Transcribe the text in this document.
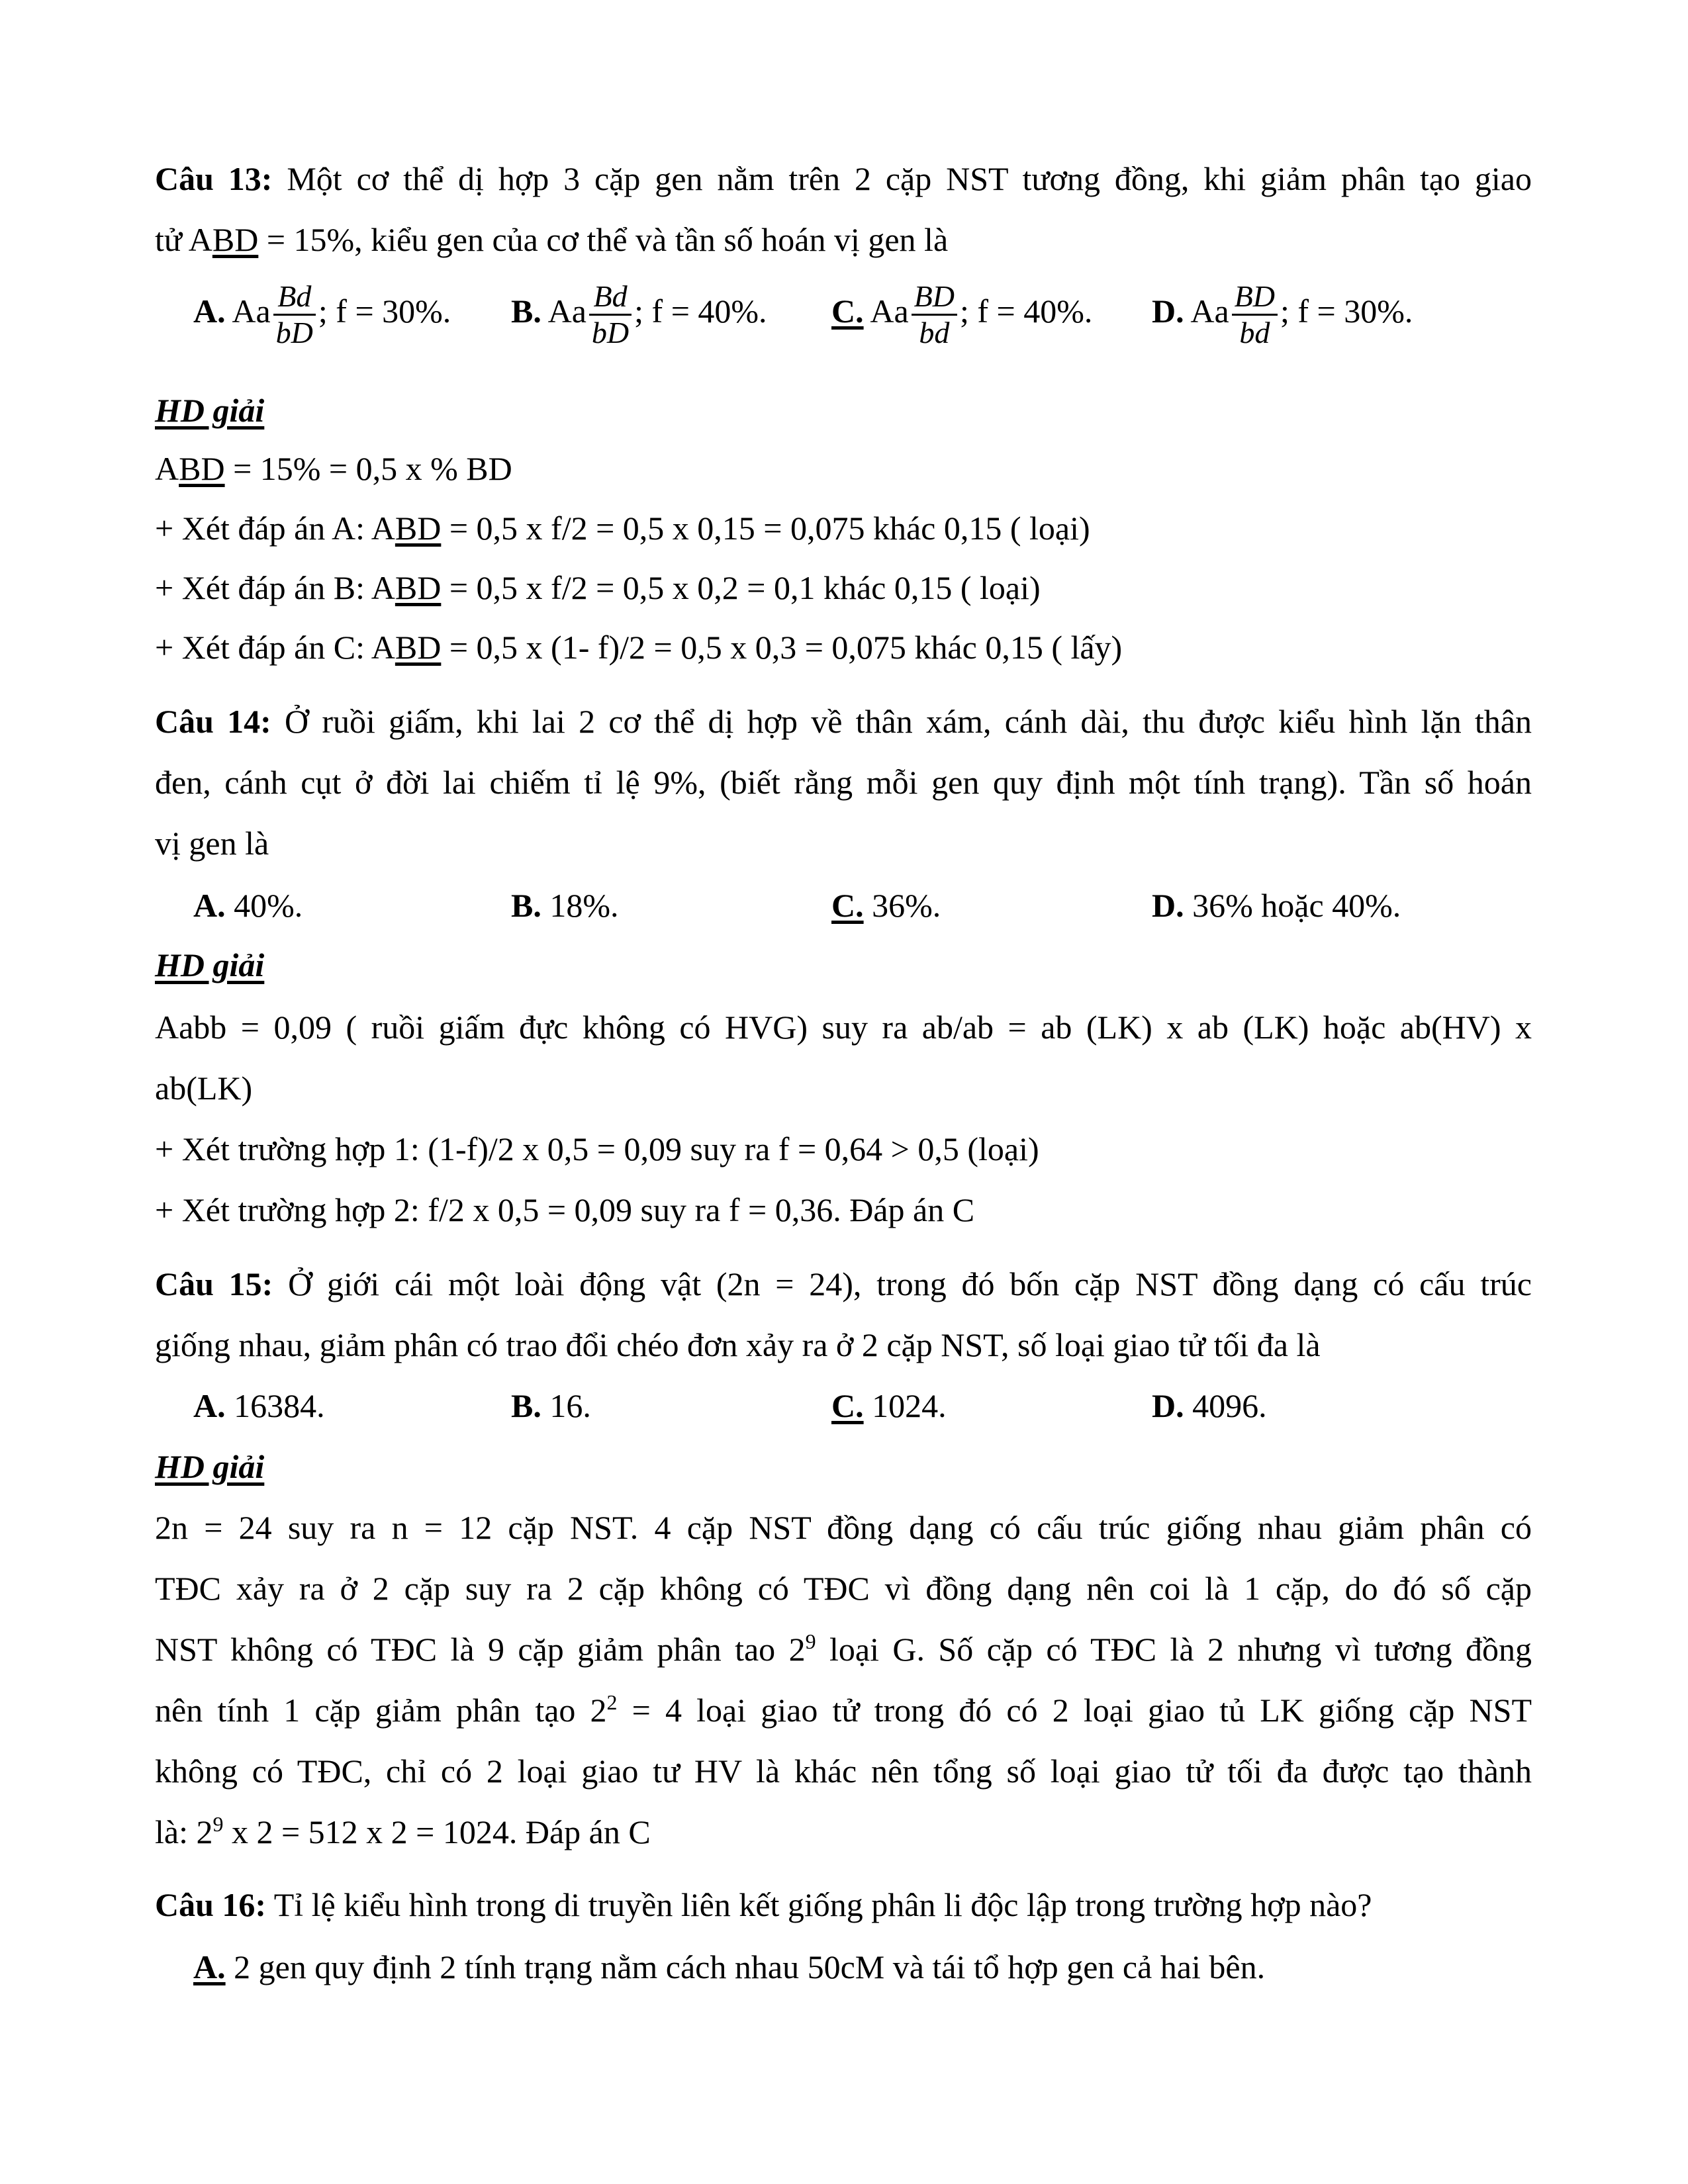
Câu 13: Một cơ thể dị hợp 3 cặp gen nằm trên 2 cặp NST tương đồng, khi giảm phân tạo giao
tử ABD = 15%, kiểu gen của cơ thể và tần số hoán vị gen là
A. Aa $\frac{Bd}{bD}$ ; f = 30%. B. Aa $\frac{Bd}{bD}$ ; f = 40%. C. Aa $\frac{BD}{bd}$ ; f = 40%. D. Aa $\frac{BD}{bd}$ ; f = 30%.
HD giải
ABD = 15% = 0,5 x % BD
+ Xét đáp án A: ABD = 0,5 x f/2 = 0,5 x 0,15 = 0,075 khác 0,15 ( loại)
+ Xét đáp án B: ABD = 0,5 x f/2 = 0,5 x 0,2 = 0,1 khác 0,15 ( loại)
+ Xét đáp án C: ABD = 0,5 x (1- f)/2 = 0,5 x 0,3 = 0,075 khác 0,15 ( lấy)
Câu 14: Ở ruồi giấm, khi lai 2 cơ thể dị hợp về thân xám, cánh dài, thu được kiểu hình lặn thân
đen, cánh cụt ở đời lai chiếm tỉ lệ 9%, (biết rằng mỗi gen quy định một tính trạng). Tần số hoán
vị gen là
A. 40%.	B. 18%.	C. 36%.	D. 36% hoặc 40%.
HD giải
Aabb = 0,09 ( ruồi giấm đực không có HVG) suy ra ab/ab = ab (LK) x ab (LK) hoặc ab(HV) x
ab(LK)
+ Xét trường hợp 1: (1-f)/2 x 0,5 = 0,09 suy ra f = 0,64 > 0,5 (loại)
+ Xét trường hợp 2: f/2 x 0,5 = 0,09 suy ra f = 0,36. Đáp án C
Câu 15: Ở giới cái một loài động vật (2n = 24), trong đó bốn cặp NST đồng dạng có cấu trúc
giống nhau, giảm phân có trao đổi chéo đơn xảy ra ở 2 cặp NST, số loại giao tử tối đa là
A. 16384.	B. 16.	C. 1024.	D. 4096.
HD giải
2n = 24 suy ra n = 12 cặp NST. 4 cặp NST đồng dạng có cấu trúc giống nhau giảm phân có
TĐC xảy ra ở 2 cặp suy ra 2 cặp không có TĐC vì đồng dạng nên coi là 1 cặp, do đó số cặp
NST không có TĐC là 9 cặp giảm phân tao $2^9$ loại G. Số cặp có TĐC là 2 nhưng vì tương đồng
nên tính 1 cặp giảm phân tạo $2^2 = 4$ loại giao tử trong đó có 2 loại giao tủ LK giống cặp NST
không có TĐC, chỉ có 2 loại giao tư HV là khác nên tổng số loại giao tử tối đa được tạo thành
là: $2^9$ x 2 = 512 x 2 = 1024. Đáp án C
Câu 16: Tỉ lệ kiểu hình trong di truyền liên kết giống phân li độc lập trong trường hợp nào?
A. 2 gen quy định 2 tính trạng nằm cách nhau 50cM và tái tổ hợp gen cả hai bên.
